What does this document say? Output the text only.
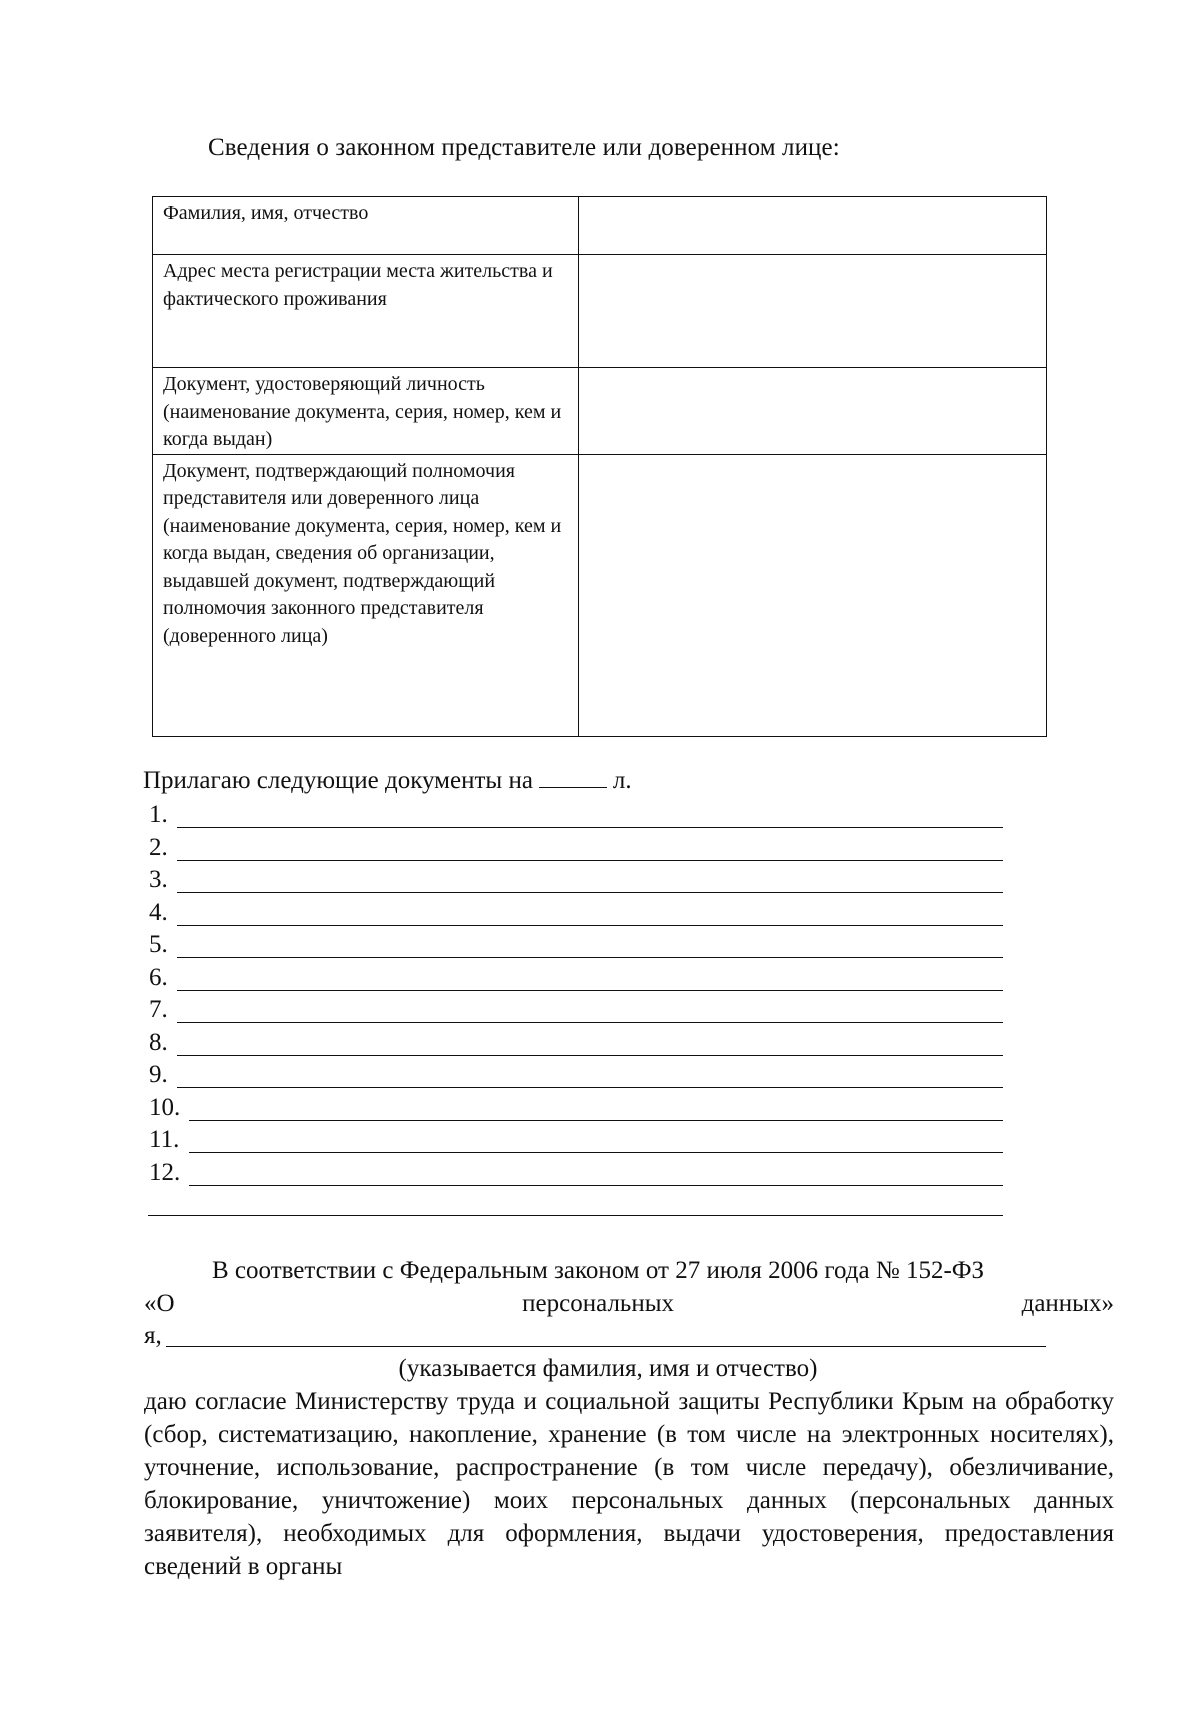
Сведения о законном представителе или доверенном лице:
Фамилия, имя, отчество	
Адрес места регистрации места жительства и фактического проживания	
Документ, удостоверяющий личность (наименование документа, серия, номер, кем и когда выдан)	
Документ, подтверждающий полномочия представителя или доверенного лица (наименование документа, серия, номер, кем и когда выдан, сведения об организации, выдавшей документ, подтверждающий полномочия законного представителя (доверенного лица)	
Прилагаю следующие документы на	л.
1.
2.
3.
4.
5.
6.
7.
8.
9.
10.
11.
12.
В соответствии с Федеральным законом от 27 июля 2006 года № 152-ФЗ
«О	персональных	данных»
я,
(указывается фамилия, имя и отчество)
даю согласие Министерству труда и социальной защиты Республики Крым на обработку (сбор, систематизацию, накопление, хранение (в том числе на электронных носителях), уточнение, использование, распространение (в том числе передачу), обезличивание, блокирование, уничтожение) моих персональных данных (персональных данных заявителя), необходимых для оформления, выдачи удостоверения, предоставления сведений в органы
